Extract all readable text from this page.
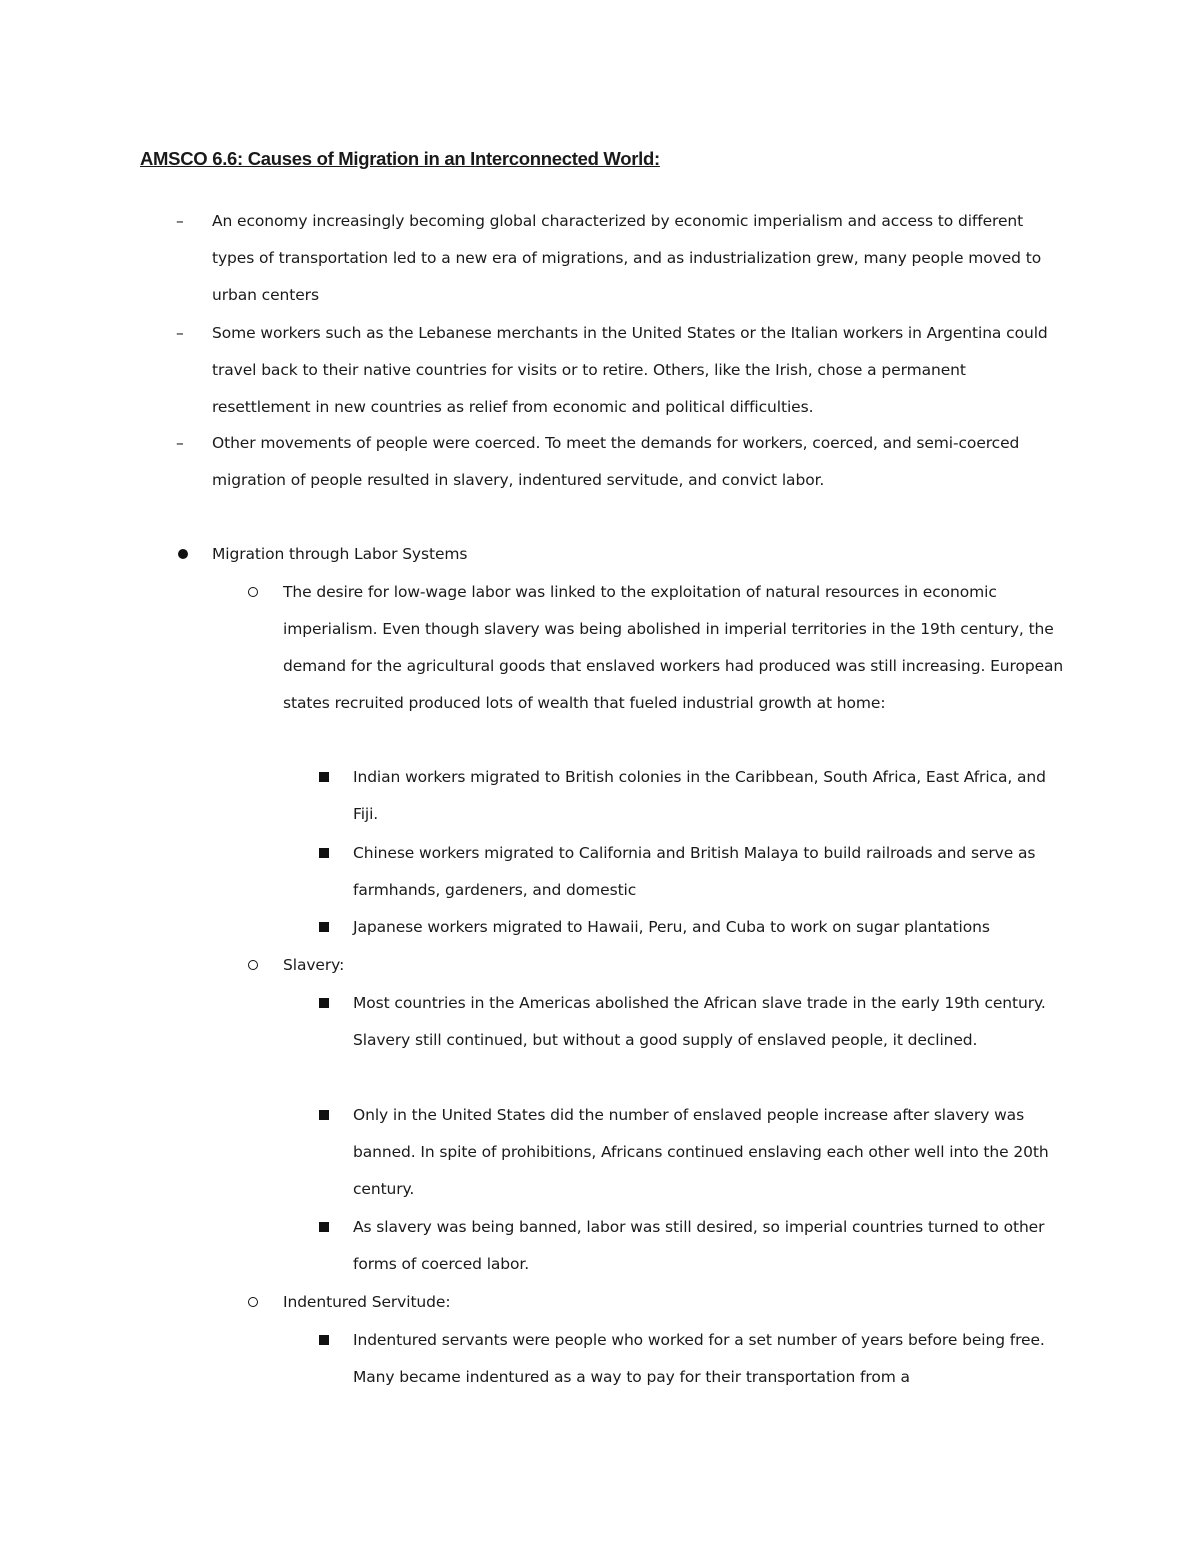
AMSCO 6.6: Causes of Migration in an Interconnected World:
– An economy increasingly becoming global characterized by economic imperialism and access to different types of transportation led to a new era of migrations, and as industrialization grew, many people moved to urban centers
– Some workers such as the Lebanese merchants in the United States or the Italian workers in Argentina could travel back to their native countries for visits or to retire. Others, like the Irish, chose a permanent resettlement in new countries as relief from economic and political difficulties.
– Other movements of people were coerced. To meet the demands for workers, coerced, and semi-coerced migration of people resulted in slavery, indentured servitude, and convict labor.
Migration through Labor Systems
The desire for low-wage labor was linked to the exploitation of natural resources in economic imperialism. Even though slavery was being abolished in imperial territories in the 19th century, the demand for the agricultural goods that enslaved workers had produced was still increasing. European states recruited produced lots of wealth that fueled industrial growth at home:
Indian workers migrated to British colonies in the Caribbean, South Africa, East Africa, and Fiji.
Chinese workers migrated to California and British Malaya to build railroads and serve as farmhands, gardeners, and domestic
Japanese workers migrated to Hawaii, Peru, and Cuba to work on sugar plantations
Slavery:
Most countries in the Americas abolished the African slave trade in the early 19th century. Slavery still continued, but without a good supply of enslaved people, it declined.
Only in the United States did the number of enslaved people increase after slavery was banned. In spite of prohibitions, Africans continued enslaving each other well into the 20th century.
As slavery was being banned, labor was still desired, so imperial countries turned to other forms of coerced labor.
Indentured Servitude:
Indentured servants were people who worked for a set number of years before being free. Many became indentured as a way to pay for their transportation from a
